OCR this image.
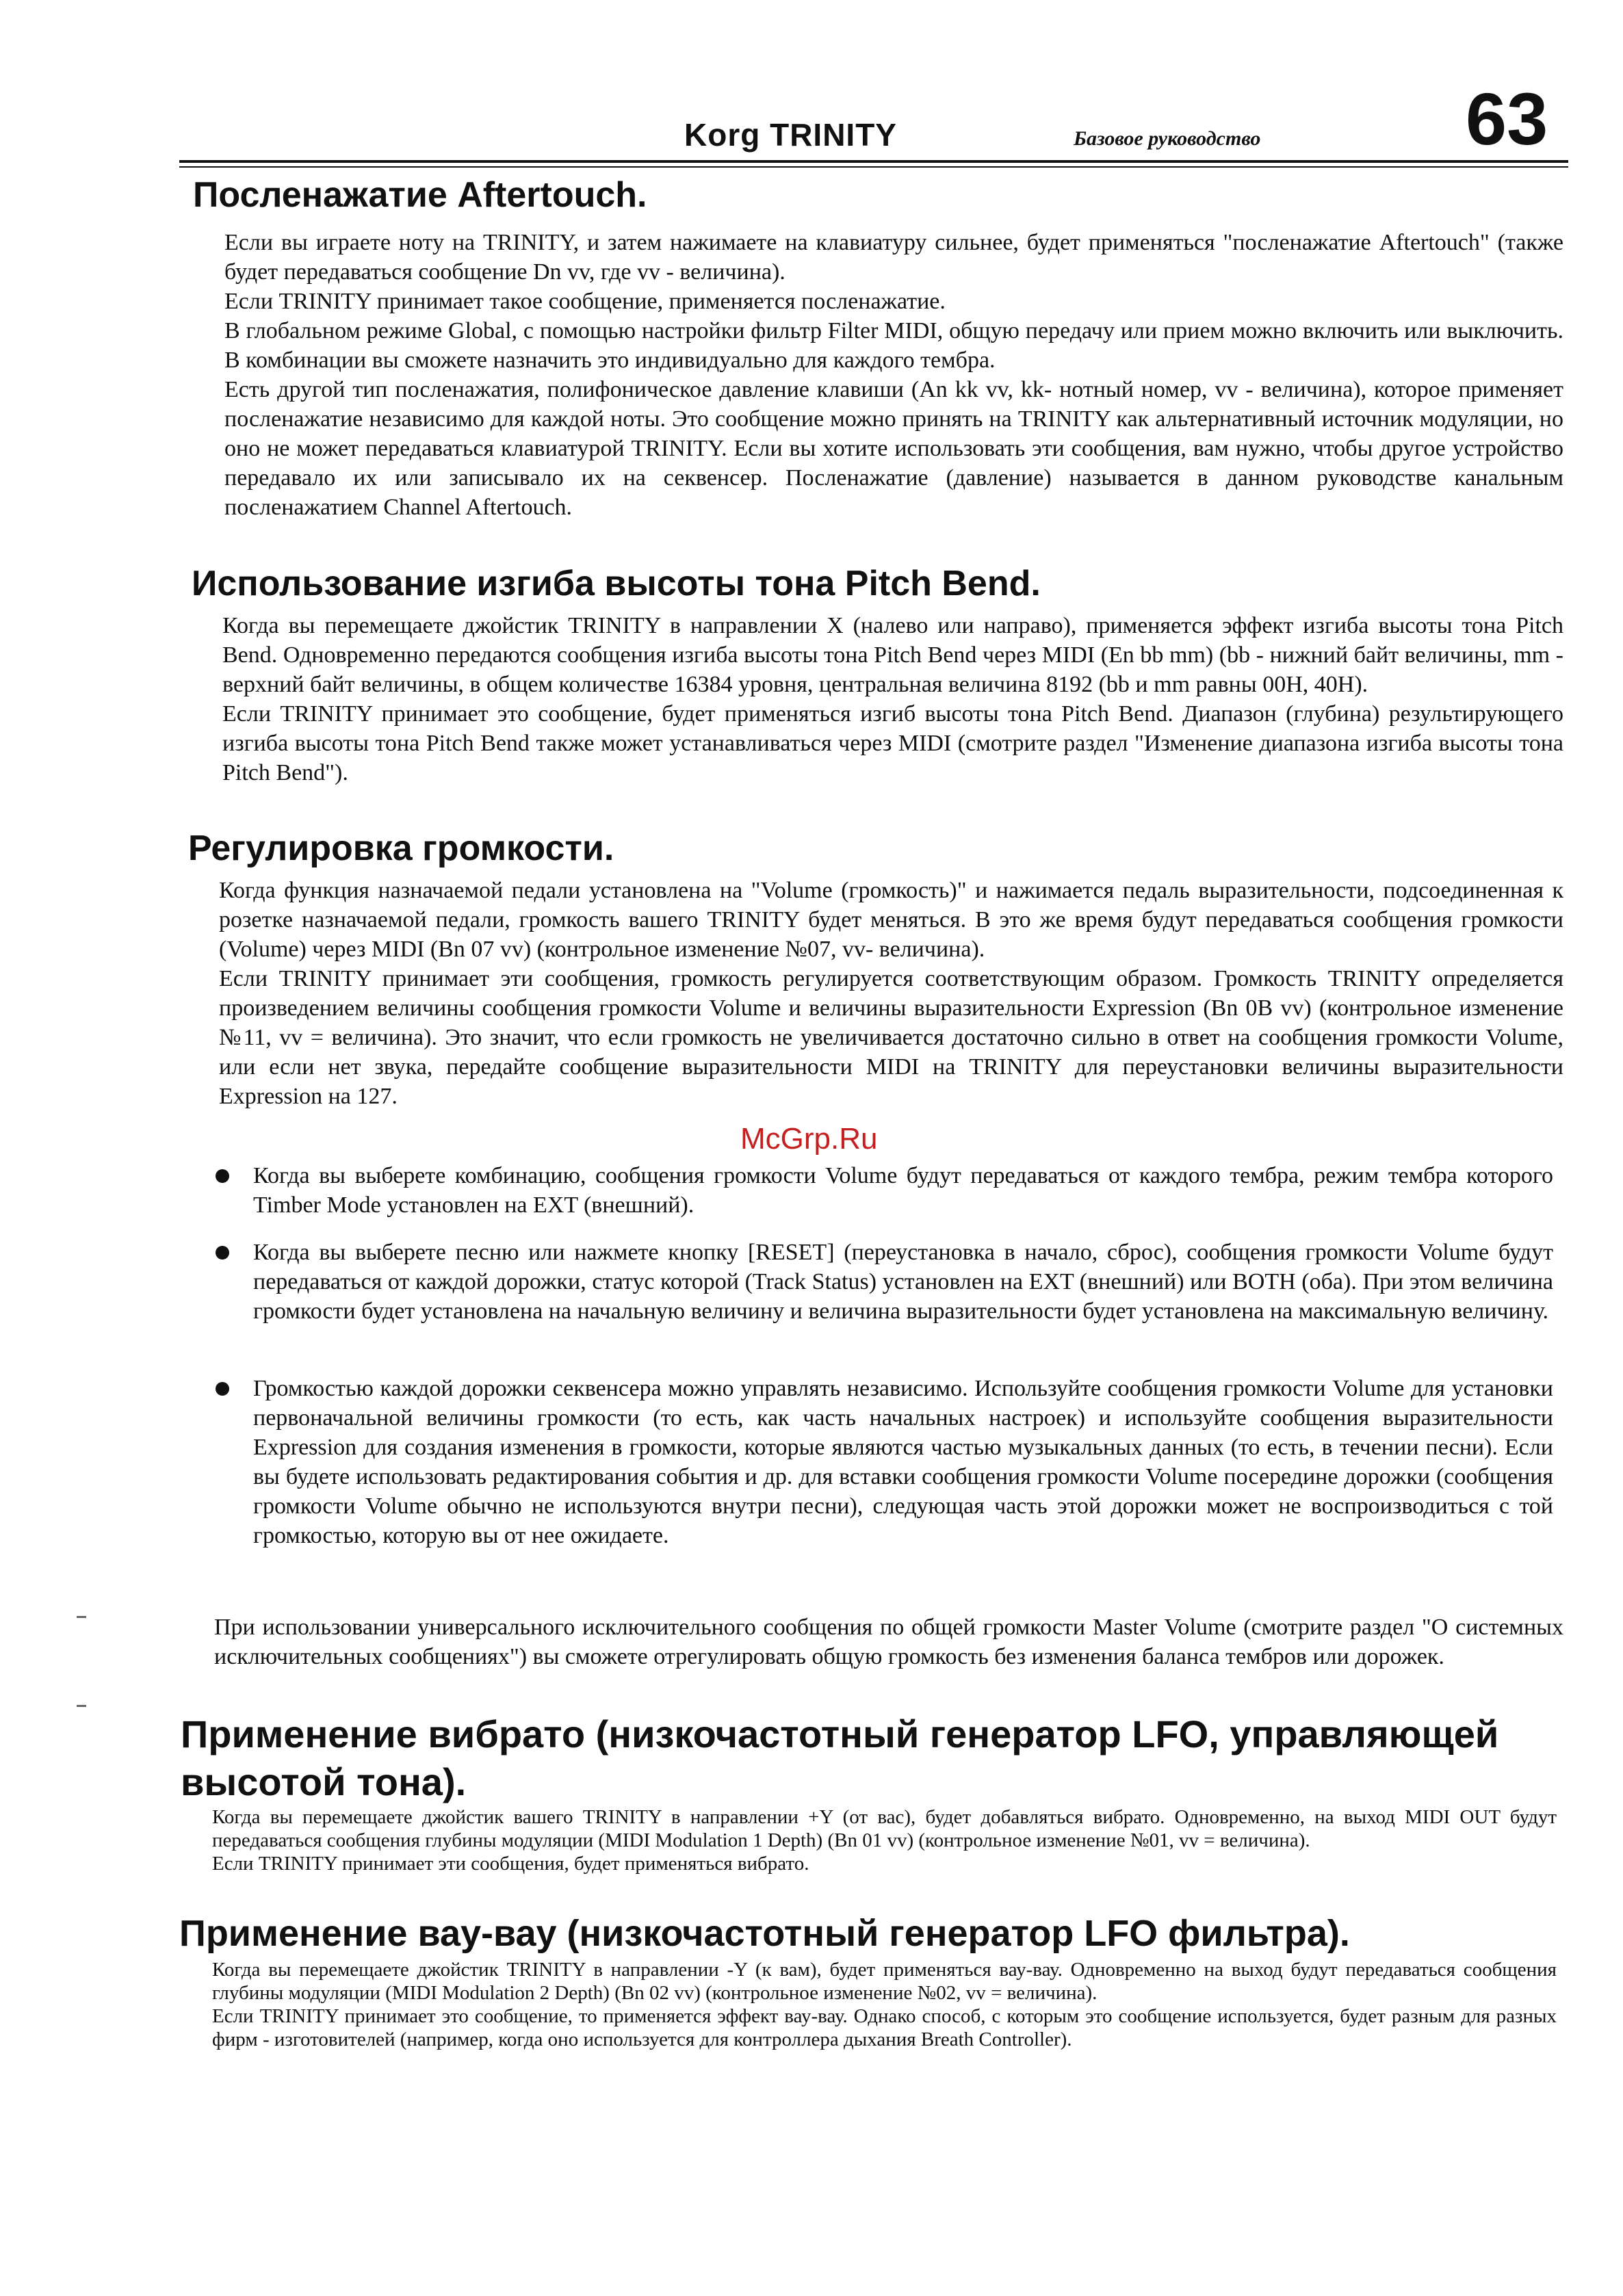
Korg TRINITY	Базовое руководство	63
Посленажатие Aftertouch.

Если вы играете ноту на TRINITY, и затем нажимаете на клавиатуру сильнее, будет применяться "посленажатие Aftertouch" (также будет передаваться сообщение Dn vv, где vv - величина).

Если TRINITY принимает такое сообщение, применяется посленажатие.

В глобальном режиме Global, с помощью настройки фильтр Filter MIDI, общую передачу или прием можно включить или выключить. В комбинации вы сможете назначить это индивидуально для каждого тембра.

Есть другой тип посленажатия, полифоническое давление клавиши (An kk vv, kk- нотный номер, vv - величина), которое применяет посленажатие независимо для каждой ноты. Это сообщение можно принять на TRINITY как альтернативный источник модуляции, но оно не может передаваться клавиатурой TRINITY. Если вы хотите использовать эти сообщения, вам нужно, чтобы другое устройство передавало их или записывало их на секвенсер. Посленажатие (давление) называется в данном руководстве канальным посленажатием Channel Aftertouch.

Использование изгиба высоты тона Pitch Bend.

Когда вы перемещаете джойстик TRINITY в направлении X (налево или направо), применяется эффект изгиба высоты тона Pitch Bend. Одновременно передаются сообщения изгиба высоты тона Pitch Bend через MIDI (En bb mm) (bb - нижний байт величины, mm - верхний байт величины, в общем количестве 16384 уровня, центральная величина 8192 (bb и mm равны 00H, 40H).

Если TRINITY принимает это сообщение, будет применяться изгиб высоты тона Pitch Bend. Диапазон (глубина) результирующего изгиба высоты тона Pitch Bend также может устанавливаться через MIDI (смотрите раздел "Изменение диапазона изгиба высоты тона Pitch Bend").

Регулировка громкости.

Когда функция назначаемой педали установлена на "Volume (громкость)" и нажимается педаль выразительности, подсоединенная к розетке назначаемой педали, громкость вашего TRINITY будет меняться. В это же время будут передаваться сообщения громкости (Volume) через MIDI (Bn 07 vv) (контрольное изменение №07, vv- величина).

Если TRINITY принимает эти сообщения, громкость регулируется соответствующим образом. Громкость TRINITY определяется произведением величины сообщения громкости Volume и величины выразительности Expression (Bn 0B vv) (контрольное изменение №11, vv = величина). Это значит, что если громкость не увеличивается достаточно сильно в ответ на сообщения громкости Volume, или если нет звука, передайте сообщение выразительности MIDI на TRINITY для переустановки величины выразительности Expression на 127.

Когда вы выберете комбинацию, сообщения громкости Volume будут передаваться от каждого тембра, режим тембра которого Timber Mode установлен на EXT (внешний).

Когда вы выберете песню или нажмете кнопку [RESET] (переустановка в начало, сброс), сообщения громкости Volume будут передаваться от каждой дорожки, статус которой (Track Status) установлен на EXT (внешний) или BOTH (оба). При этом величина громкости будет установлена на начальную величину и величина выразительности будет установлена на максимальную величину.

Громкостью каждой дорожки секвенсера можно управлять независимо. Используйте сообщения громкости Volume для установки первоначальной величины громкости (то есть, как часть начальных настроек) и используйте сообщения выразительности Expression для создания изменения в громкости, которые являются частью музыкальных данных (то есть, в течении песни). Если вы будете использовать редактирования события и др. для вставки сообщения громкости Volume посередине дорожки (сообщения громкости Volume обычно не используются внутри песни), следующая часть этой дорожки может не воспроизводиться с той громкостью, которую вы от нее ожидаете.

При использовании универсального исключительного сообщения по общей громкости Master Volume (смотрите раздел "О системных исключительных сообщениях") вы сможете отрегулировать общую громкость без изменения баланса тембров или дорожек.

Применение вибрато (низкочастотный генератор LFO, управляющей высотой тона).

Когда вы перемещаете джойстик вашего TRINITY в направлении +Y (от вас), будет добавляться вибрато. Одновременно, на выход MIDI OUT будут передаваться сообщения глубины модуляции (MIDI Modulation 1 Depth) (Bn 01 vv) (контрольное изменение №01, vv = величина).

Если TRINITY принимает эти сообщения, будет применяться вибрато.

Применение вау-вау (низкочастотный генератор LFO фильтра).

Когда вы перемещаете джойстик TRINITY в направлении -Y (к вам), будет применяться вау-вау. Одновременно на выход будут передаваться сообщения глубины модуляции (MIDI Modulation 2 Depth) (Bn 02 vv) (контрольное изменение №02, vv = величина).

Если TRINITY принимает это сообщение, то применяется эффект вау-вау. Однако способ, с которым это сообщение используется, будет разным для разных фирм - изготовителей (например, когда оно используется для контроллера дыхания Breath Controller).

McGrp.Ru
